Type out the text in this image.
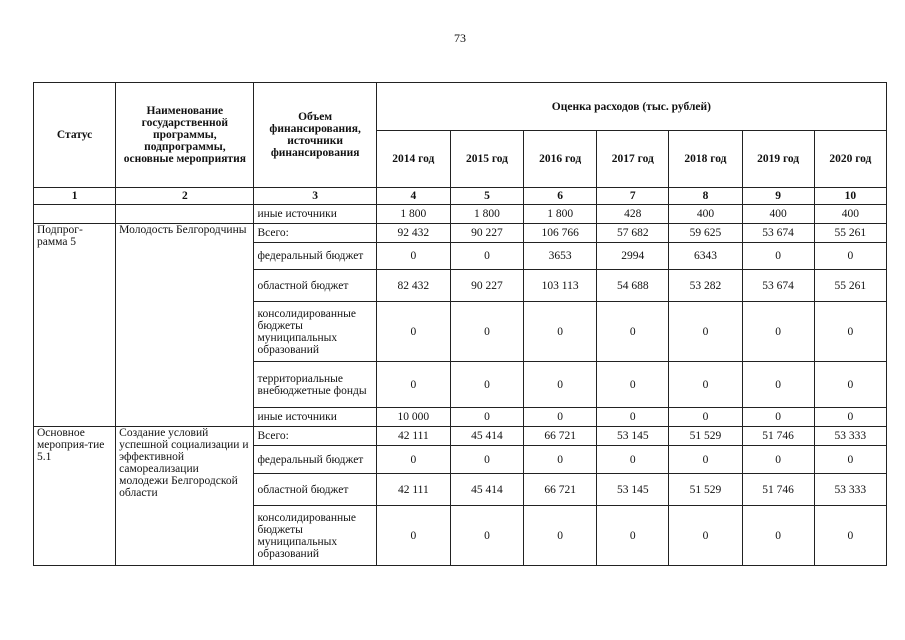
73
Статус	Наименование государственной программы, подпрограммы, основные мероприятия	Объем финансирования, источники финансирования	Оценка расходов (тыс. рублей)						
			2014 год	2015 год	2016 год	2017 год	2018 год	2019 год	2020 год
1	2	3	4	5	6	7	8	9	10
		иные источники	1 800	1 800	1 800	428	400	400	400
Подпрог-рамма 5	Молодость Белгородчины	Всего:	92 432	90 227	106 766	57 682	59 625	53 674	55 261
		федеральный бюджет	0	0	3653	2994	6343	0	0
		областной бюджет	82 432	90 227	103 113	54 688	53 282	53 674	55 261
		консолидированные бюджеты муниципальных образований	0	0	0	0	0	0	0
		территориальные внебюджетные фонды	0	0	0	0	0	0	0
		иные источники	10 000	0	0	0	0	0	0
Основное мероприя-тие 5.1	Создание условий успешной социализации и эффективной самореализации молодежи Белгородской области	Всего:	42 111	45 414	66 721	53 145	51 529	51 746	53 333
		федеральный бюджет	0	0	0	0	0	0	0
		областной бюджет	42 111	45 414	66 721	53 145	51 529	51 746	53 333
		консолидированные бюджеты муниципальных образований	0	0	0	0	0	0	0
